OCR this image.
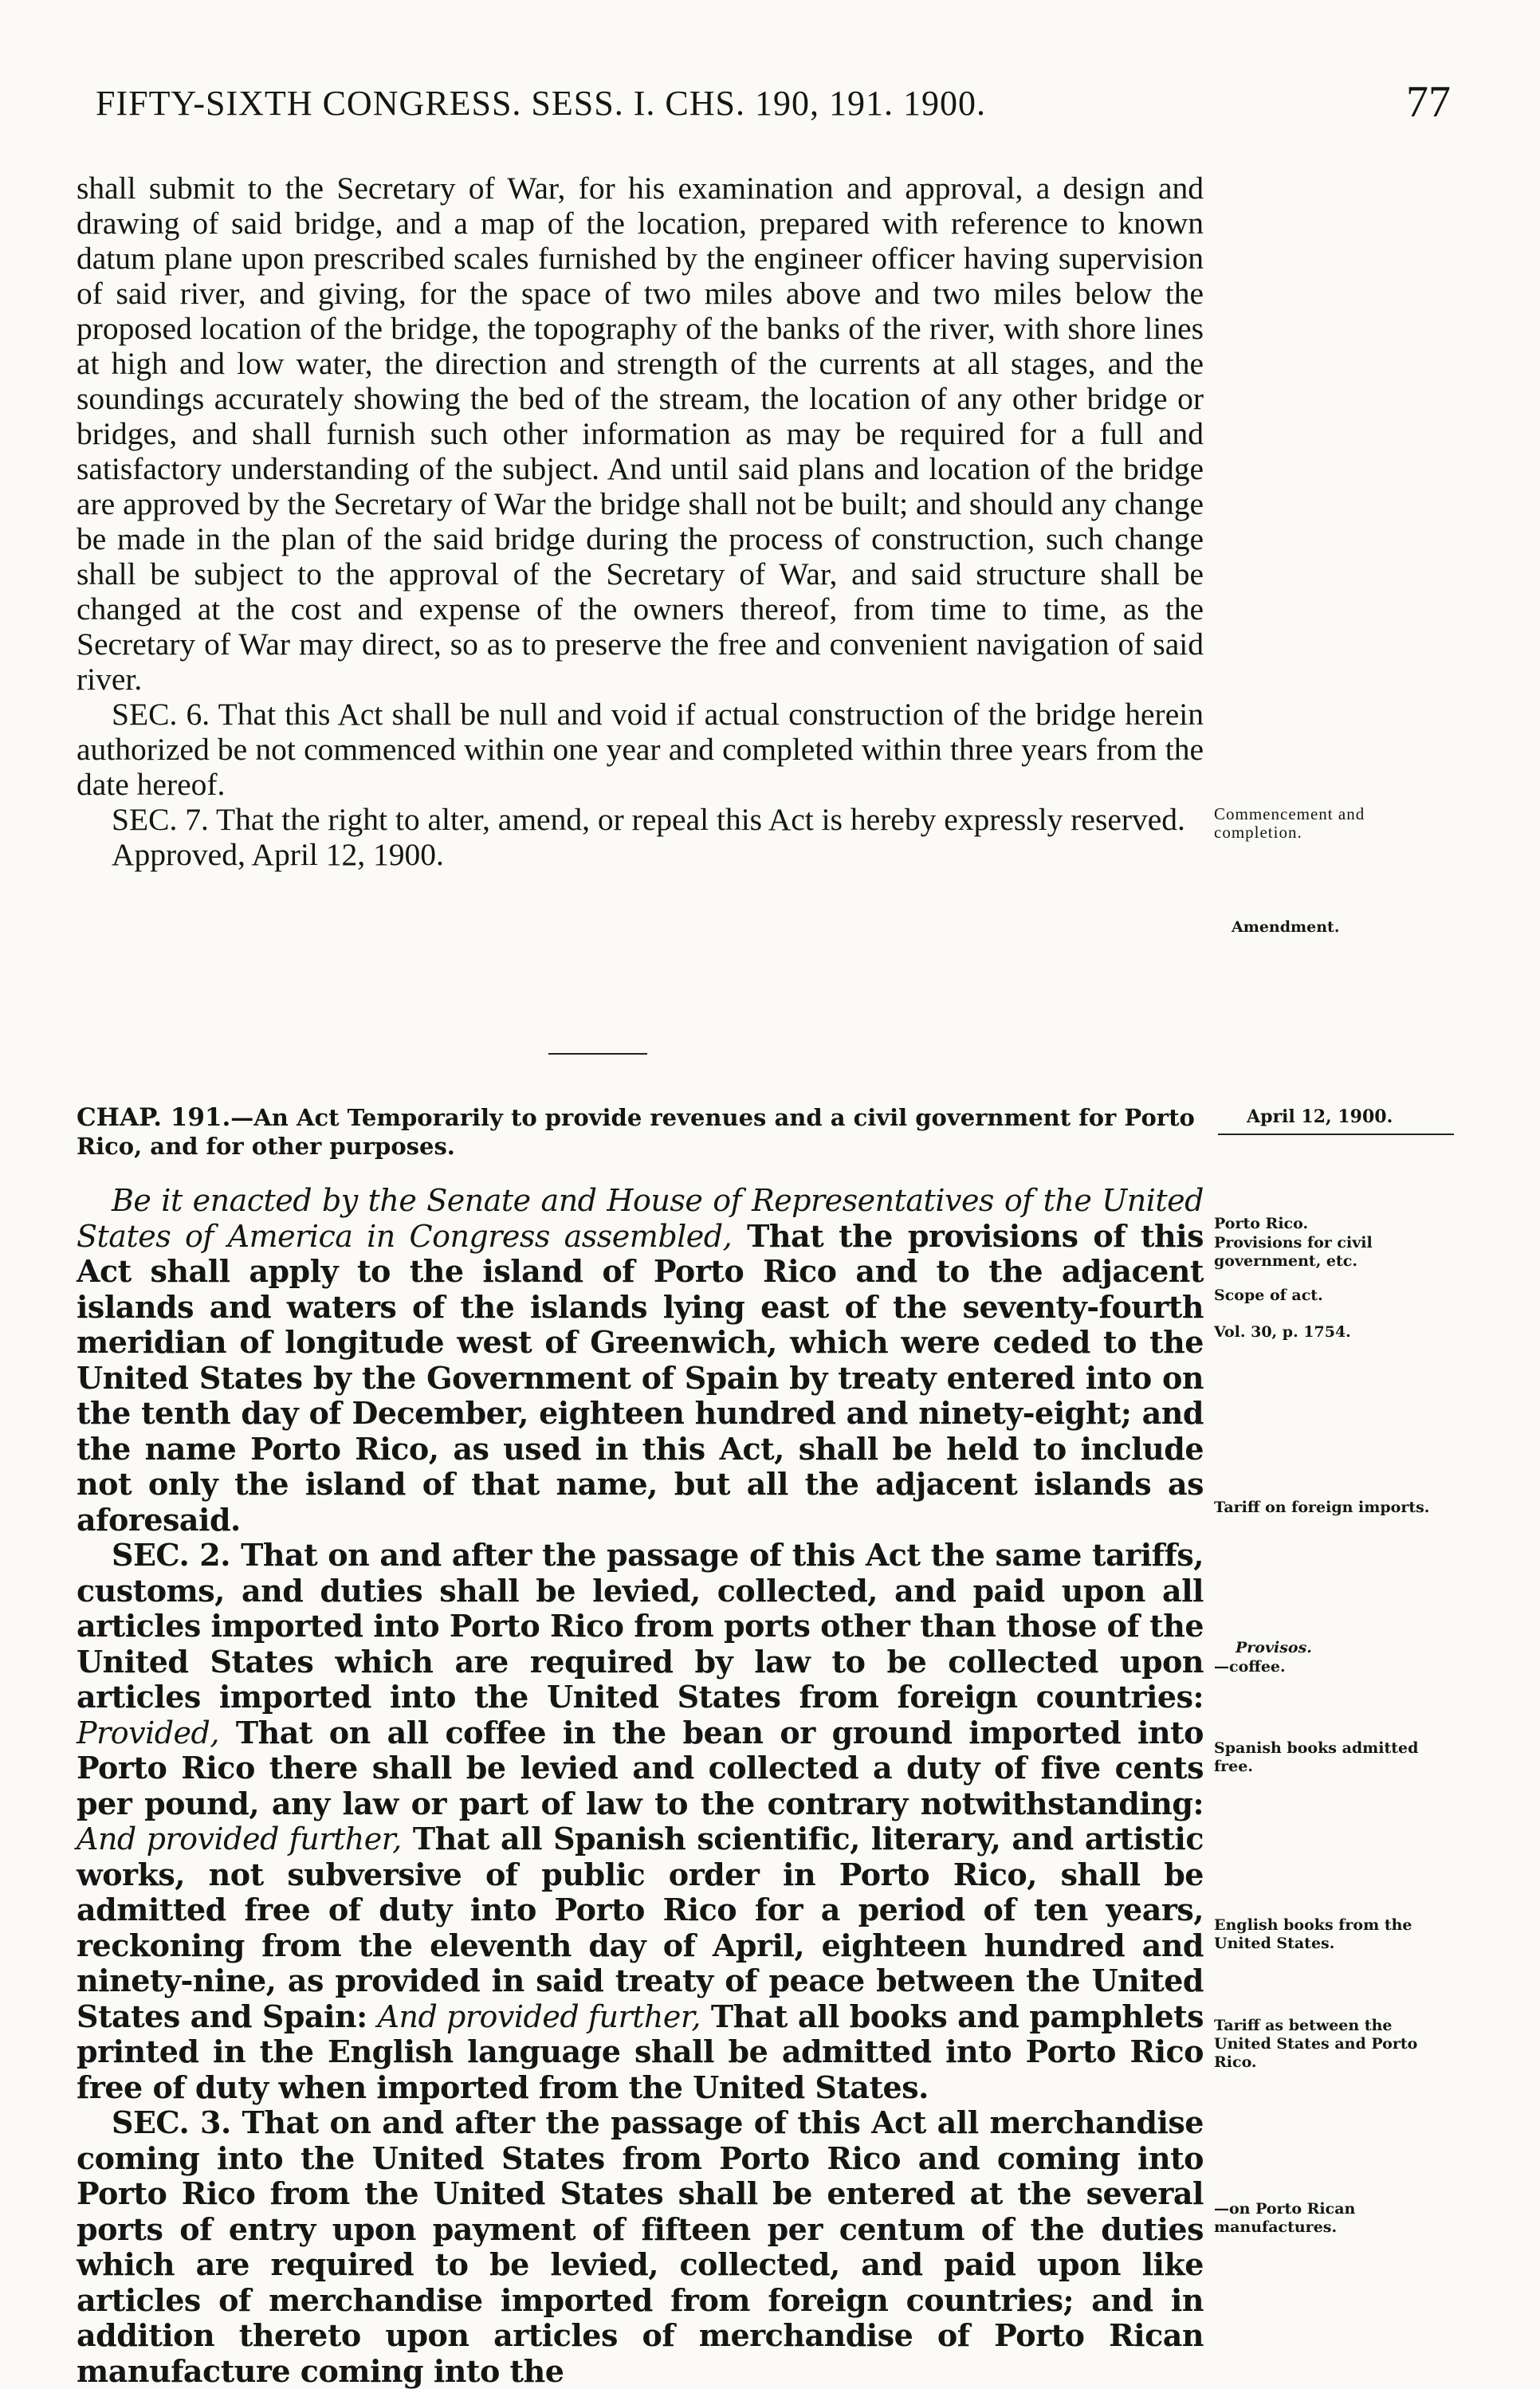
FIFTY-SIXTH CONGRESS. SESS. I. CHS. 190, 191. 1900.	77

shall submit to the Secretary of War, for his examination and approval, a design and drawing of said bridge, and a map of the location, prepared with reference to known datum plane upon prescribed scales furnished by the engineer officer having supervision of said river, and giving, for the space of two miles above and two miles below the proposed location of the bridge, the topography of the banks of the river, with shore lines at high and low water, the direction and strength of the currents at all stages, and the soundings accurately showing the bed of the stream, the location of any other bridge or bridges, and shall furnish such other information as may be required for a full and satisfactory understanding of the subject. And until said plans and location of the bridge are approved by the Secretary of War the bridge shall not be built; and should any change be made in the plan of the said bridge during the process of construction, such change shall be subject to the approval of the Secretary of War, and said structure shall be changed at the cost and expense of the owners thereof, from time to time, as the Secretary of War may direct, so as to preserve the free and convenient navigation of said river.

SEC. 6. That this Act shall be null and void if actual construction of the bridge herein authorized be not commenced within one year and completed within three years from the date hereof.

SEC. 7. That the right to alter, amend, or repeal this Act is hereby expressly reserved.

Approved, April 12, 1900.

Commencement and completion.
Amendment.
CHAP. 191.—An Act Temporarily to provide revenues and a civil government for Porto Rico, and for other purposes.
April 12, 1900.

Be it enacted by the Senate and House of Representatives of the United States of America in Congress assembled, That the provisions of this Act shall apply to the island of Porto Rico and to the adjacent islands and waters of the islands lying east of the seventy-fourth meridian of longitude west of Greenwich, which were ceded to the United States by the Government of Spain by treaty entered into on the tenth day of December, eighteen hundred and ninety-eight; and the name Porto Rico, as used in this Act, shall be held to include not only the island of that name, but all the adjacent islands as aforesaid.

SEC. 2. That on and after the passage of this Act the same tariffs, customs, and duties shall be levied, collected, and paid upon all articles imported into Porto Rico from ports other than those of the United States which are required by law to be collected upon articles imported into the United States from foreign countries: Provided, That on all coffee in the bean or ground imported into Porto Rico there shall be levied and collected a duty of five cents per pound, any law or part of law to the contrary notwithstanding: And provided further, That all Spanish scientific, literary, and artistic works, not subversive of public order in Porto Rico, shall be admitted free of duty into Porto Rico for a period of ten years, reckoning from the eleventh day of April, eighteen hundred and ninety-nine, as provided in said treaty of peace between the United States and Spain: And provided further, That all books and pamphlets printed in the English language shall be admitted into Porto Rico free of duty when imported from the United States.

SEC. 3. That on and after the passage of this Act all merchandise coming into the United States from Porto Rico and coming into Porto Rico from the United States shall be entered at the several ports of entry upon payment of fifteen per centum of the duties which are required to be levied, collected, and paid upon like articles of merchandise imported from foreign countries; and in addition thereto upon articles of merchandise of Porto Rican manufacture coming into the

Porto Rico.
Provisions for civil government, etc.
Scope of act.
Vol. 30, p. 1754.
Tariff on foreign imports.
Provisos.
—coffee.
Spanish books admitted free.
English books from the United States.
Tariff as between the United States and Porto Rico.
—on Porto Rican manufactures.
